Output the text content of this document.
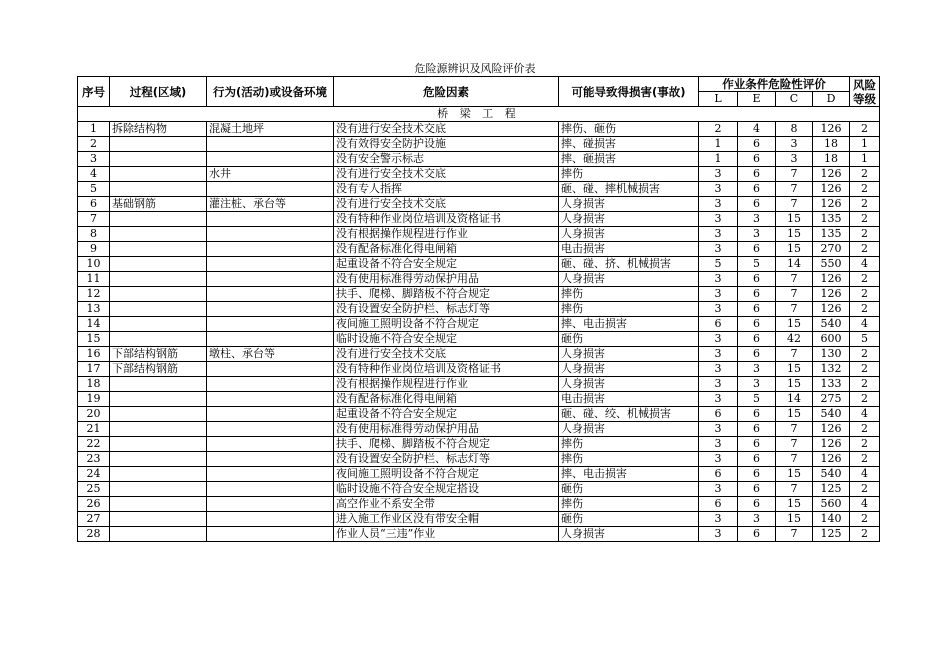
危险源辨识及风险评价表
序号	过程(区域)	行为(活动)或设备环境	危险因素	可能导致得损害(事故)	作业条件危险性评价				风险等级
					L	E	C	D	
桥 梁 工 程									
1	拆除结构物	混凝土地坪	没有进行安全技术交底	摔伤、砸伤	2	4	8	126	2
2			没有效得安全防护设施	摔、碰损害	1	6	3	18	1
3			没有安全警示标志	摔、砸损害	1	6	3	18	1
4		水井	没有进行安全技术交底	摔伤	3	6	7	126	2
5			没有专人指挥	砸、碰、摔机械损害	3	6	7	126	2
6	基础钢筋	灌注桩、承台等	没有进行安全技术交底	人身损害	3	6	7	126	2
7			没有特种作业岗位培训及资格证书	人身损害	3	3	15	135	2
8			没有根据操作规程进行作业	人身损害	3	3	15	135	2
9			没有配备标准化得电闸箱	电击损害	3	6	15	270	2
10			起重设备不符合安全规定	砸、碰、挤、机械损害	5	5	14	550	4
11			没有使用标准得劳动保护用品	人身损害	3	6	7	126	2
12			扶手、爬梯、脚踏板不符合规定	摔伤	3	6	7	126	2
13			没有设置安全防护栏、标志灯等	摔伤	3	6	7	126	2
14			夜间施工照明设备不符合规定	摔、电击损害	6	6	15	540	4
15			临时设施不符合安全规定	砸伤	3	6	42	600	5
16	下部结构钢筋	墩柱、承台等	没有进行安全技术交底	人身损害	3	6	7	130	2
17	下部结构钢筋		没有特种作业岗位培训及资格证书	人身损害	3	3	15	132	2
18			没有根据操作规程进行作业	人身损害	3	3	15	133	2
19			没有配备标准化得电闸箱	电击损害	3	5	14	275	2
20			起重设备不符合安全规定	砸、碰、绞、机械损害	6	6	15	540	4
21			没有使用标准得劳动保护用品	人身损害	3	6	7	126	2
22			扶手、爬梯、脚踏板不符合规定	摔伤	3	6	7	126	2
23			没有设置安全防护栏、标志灯等	摔伤	3	6	7	126	2
24			夜间施工照明设备不符合规定	摔、电击损害	6	6	15	540	4
25			临时设施不符合安全规定搭设	砸伤	3	6	7	125	2
26			高空作业不系安全带	摔伤	6	6	15	560	4
27			进入施工作业区没有带安全帽	砸伤	3	3	15	140	2
28			作业人员“三违”作业	人身损害	3	6	7	125	2
